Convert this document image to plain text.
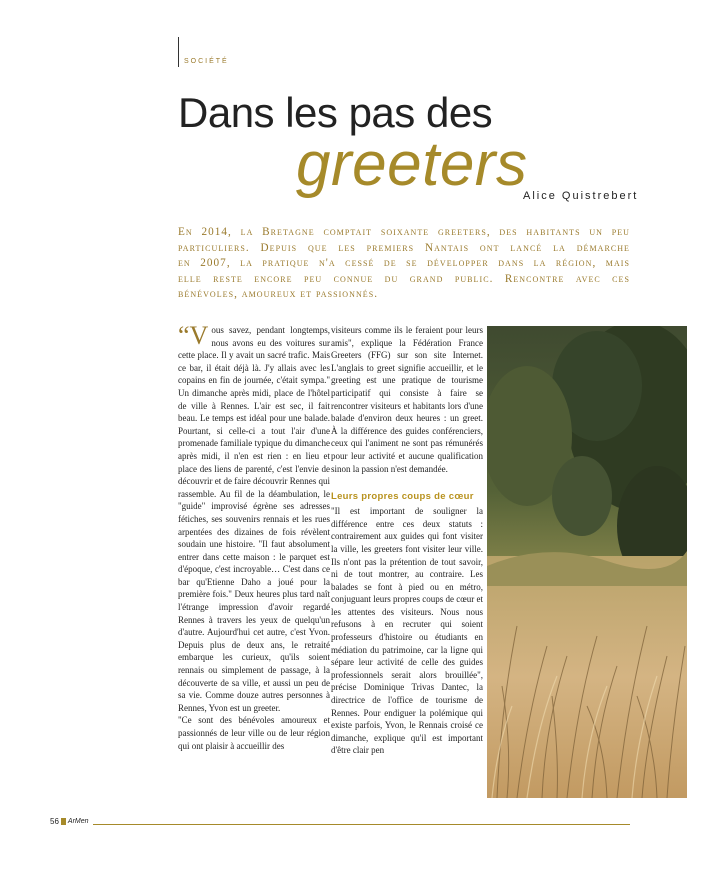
SOCIÉTÉ
Dans les pas des
greeters
Alice Quistrebert

En 2014, la Bretagne comptait soixante greeters, des habitants un peu

particuliers. Depuis que les premiers Nantais ont lancé la démarche

en 2007, la pratique n'a cessé de se développer dans la région, mais

elle reste encore peu connue du grand public. Rencontre avec ces

bénévoles, amoureux et passionnés.

“Vous savez, pendant longtemps, nous avons eu des voitures sur cette place. Il y avait un sacré trafic. Mais ce bar, il était déjà là. J'y allais avec les copains en fin de journée, c'était sympa." Un dimanche après midi, place de l'hôtel de ville à Rennes. L'air est sec, il fait beau. Le temps est idéal pour une balade. Pourtant, si celle-ci a tout l'air d'une promenade familiale typique du dimanche après midi, il n'en est rien : en lieu et place des liens de parenté, c'est l'envie de découvrir et de faire découvrir Rennes qui rassemble. Au fil de la déambulation, le "guide" improvisé égrène ses adresses fétiches, ses souvenirs rennais et les rues arpentées des dizaines de fois révèlent soudain une histoire. "Il faut absolument entrer dans cette maison : le parquet est d'époque, c'est incroyable… C'est dans ce bar qu'Etienne Daho a joué pour la première fois." Deux heures plus tard naît l'étrange impression d'avoir regardé Rennes à travers les yeux de quelqu'un d'autre. Aujourd'hui cet autre, c'est Yvon. Depuis plus de deux ans, le retraité embarque les curieux, qu'ils soient rennais ou simplement de passage, à la découverte de sa ville, et aussi un peu de sa vie. Comme douze autres personnes à Rennes, Yvon est un greeter.

"Ce sont des bénévoles amoureux et passionnés de leur ville ou de leur région qui ont plaisir à accueillir des

visiteurs comme ils le feraient pour leurs amis", explique la Fédération France Greeters (FFG) sur son site Internet. L'anglais to greet signifie accueillir, et le greeting est une pratique de tourisme participatif qui consiste à faire se rencontrer visiteurs et habitants lors d'une balade d'environ deux heures : un greet. À la différence des guides conférenciers, ceux qui l'animent ne sont pas rémunérés pour leur activité et aucune qualification sinon la passion n'est demandée.

Leurs propres coups de cœur

"Il est important de souligner la différence entre ces deux statuts : contrairement aux guides qui font visiter la ville, les greeters font visiter leur ville. Ils n'ont pas la prétention de tout savoir, ni de tout montrer, au contraire. Les balades se font à pied ou en métro, conjuguant leurs propres coups de cœur et les attentes des visiteurs. Nous nous refusons à en recruter qui soient professeurs d'histoire ou étudiants en médiation du patrimoine, car la ligne qui sépare leur activité de celle des guides professionnels serait alors brouillée", précise Dominique Trivas Dantec, la directrice de l'office de tourisme de Rennes. Pour endiguer la polémique qui existe parfois, Yvon, le Rennais croisé ce dimanche, explique qu'il est important d'être clair pen

56 ArMen
